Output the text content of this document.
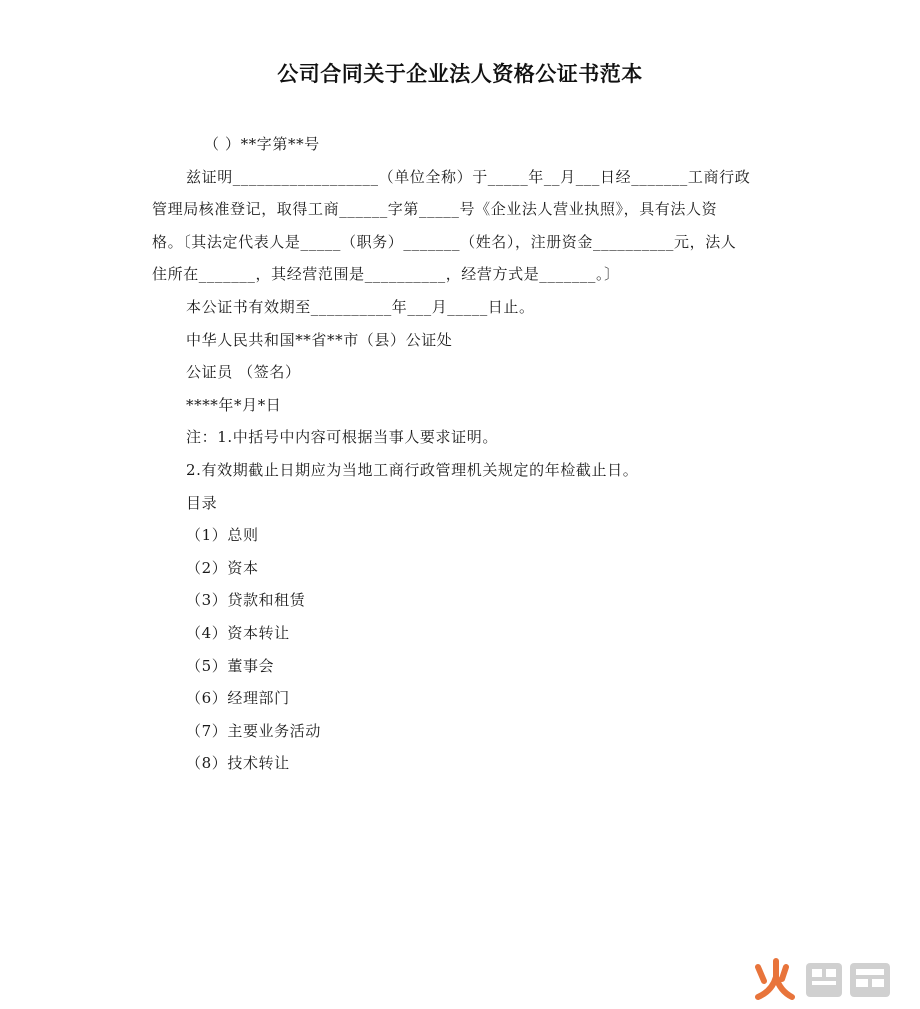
公司合同关于企业法人资格公证书范本

（ ）**字第**号

兹证明__________________（单位全称）于_____年__月___日经_______工商行政

管理局核准登记，取得工商______字第_____号《企业法人营业执照》，具有法人资

格。〔其法定代表人是_____（职务）_______（姓名），注册资金__________元，法人

住所在_______，其经营范围是__________，经营方式是_______。〕

本公证书有效期至__________年___月_____日止。

中华人民共和国**省**市（县）公证处

公证员 （签名）

****年*月*日

注：1.中括号中内容可根据当事人要求证明。

2.有效期截止日期应为当地工商行政管理机关规定的年检截止日。

目录

（1）总则

（2）资本

（3）贷款和租赁

（4）资本转让

（5）董事会

（6）经理部门

（7）主要业务活动

（8）技术转让
